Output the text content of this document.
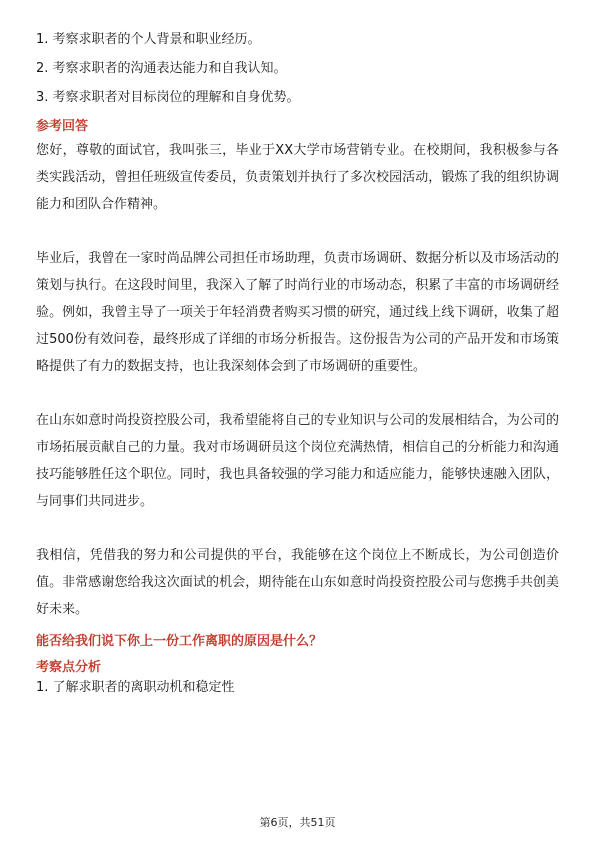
1. 考察求职者的个人背景和职业经历。
2. 考察求职者的沟通表达能力和自我认知。
3. 考察求职者对目标岗位的理解和自身优势。
参考回答

您好，尊敬的面试官，我叫张三，毕业于XX大学市场营销专业。在校期间，我积极参与各类实践活动，曾担任班级宣传委员，负责策划并执行了多次校园活动，锻炼了我的组织协调能力和团队合作精神。

毕业后，我曾在一家时尚品牌公司担任市场助理，负责市场调研、数据分析以及市场活动的策划与执行。在这段时间里，我深入了解了时尚行业的市场动态，积累了丰富的市场调研经验。例如，我曾主导了一项关于年轻消费者购买习惯的研究，通过线上线下调研，收集了超过500份有效问卷，最终形成了详细的市场分析报告。这份报告为公司的产品开发和市场策略提供了有力的数据支持，也让我深刻体会到了市场调研的重要性。

在山东如意时尚投资控股公司，我希望能将自己的专业知识与公司的发展相结合，为公司的市场拓展贡献自己的力量。我对市场调研员这个岗位充满热情，相信自己的分析能力和沟通技巧能够胜任这个职位。同时，我也具备较强的学习能力和适应能力，能够快速融入团队，与同事们共同进步。

我相信，凭借我的努力和公司提供的平台，我能够在这个岗位上不断成长，为公司创造价值。非常感谢您给我这次面试的机会，期待能在山东如意时尚投资控股公司与您携手共创美好未来。

能否给我们说下你上一份工作离职的原因是什么？
考察点分析
1. 了解求职者的离职动机和稳定性
第6页，共51页
